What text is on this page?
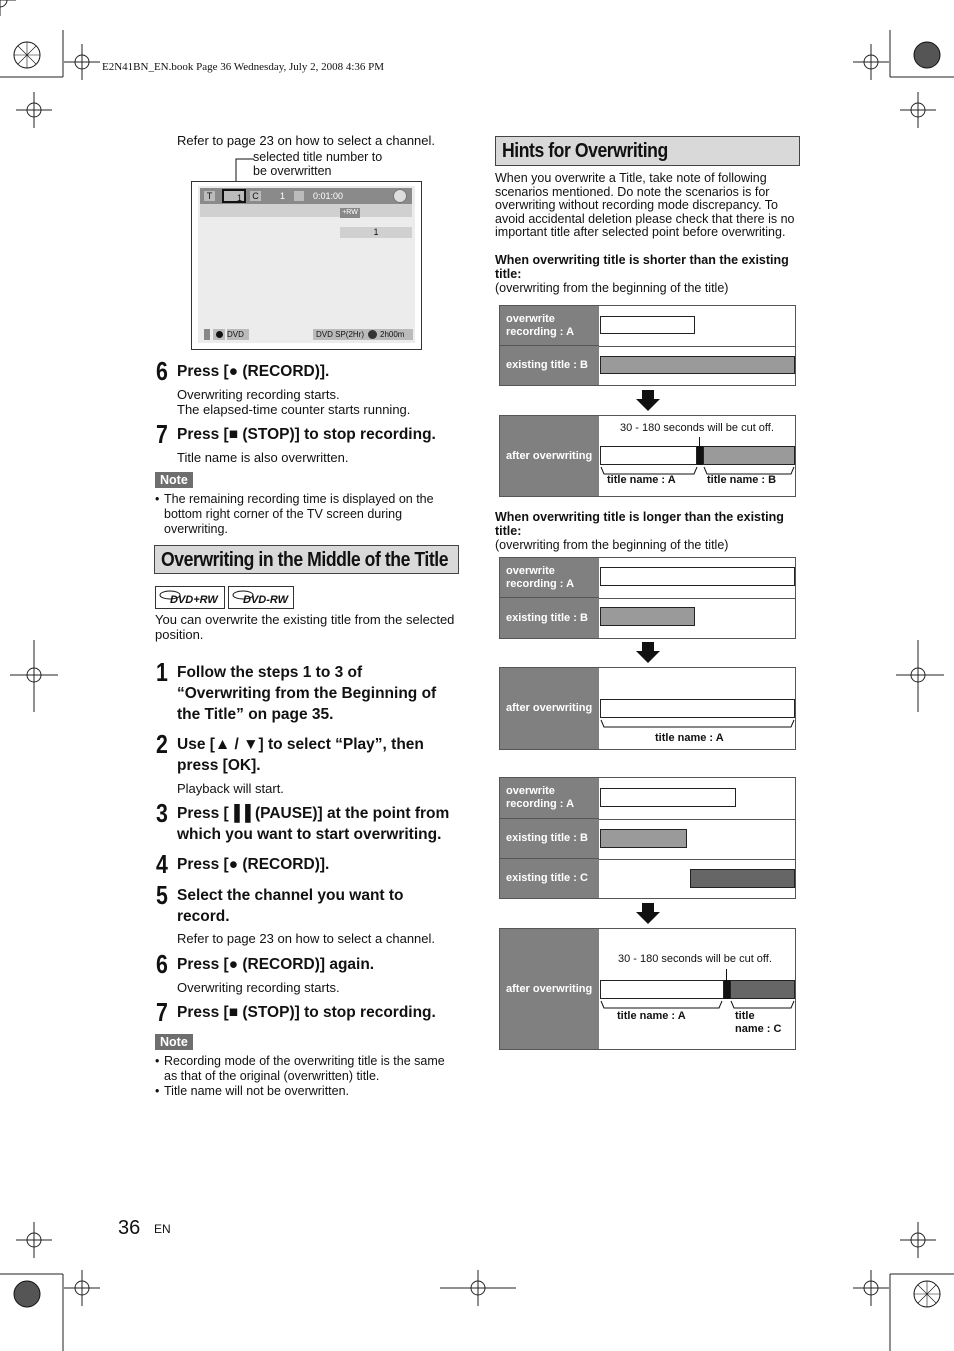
E2N41BN_EN.book Page 36 Wednesday, July 2, 2008 4:36 PM
Refer to page 23 on how to select a channel.
selected title number to
be overwritten
T	1	C 1	0:01:00
+RW
1
DVD	DVD SP(2Hr)	2h00m
6 Press [● (RECORD)].
Overwriting recording starts.
The elapsed-time counter starts running.
7 Press [■ (STOP)] to stop recording.
Title name is also overwritten.
Note
• The remaining recording time is displayed on the bottom right corner of the TV screen during overwriting.
Overwriting in the Middle of the Title
DVD+RW DVD-RW
You can overwrite the existing title from the selected position.
1 Follow the steps 1 to 3 of
“Overwriting from the Beginning of
the Title” on page 35.
2 Use [▲ / ▼] to select “Play”, then
press [OK].
Playback will start.
3 Press [▐▐ (PAUSE)] at the point from
which you want to start overwriting.
4 Press [● (RECORD)].
5 Select the channel you want to
record.
Refer to page 23 on how to select a channel.
6 Press [● (RECORD)] again.
Overwriting recording starts.
7 Press [■ (STOP)] to stop recording.
Note
• Recording mode of the overwriting title is the same as that of the original (overwritten) title.
• Title name will not be overwritten.
Hints for Overwriting
When you overwrite a Title, take note of following
scenarios mentioned. Do note the scenarios is for
overwriting without recording mode discrepancy. To
avoid accidental deletion please check that there is no
important title after selected point before overwriting.
When overwriting title is shorter than the existing
title:
(overwriting from the beginning of the title)
overwrite
recording : A
existing title : B
after overwriting
30 - 180 seconds will be cut off.
title name : A	title name : B
When overwriting title is longer than the existing
title:
(overwriting from the beginning of the title)
overwrite
recording : A
existing title : B
after overwriting
title name : A
overwrite
recording : A
existing title : B
existing title : C
after overwriting
30 - 180 seconds will be cut off.
title name : A	title
name : C
36 EN
